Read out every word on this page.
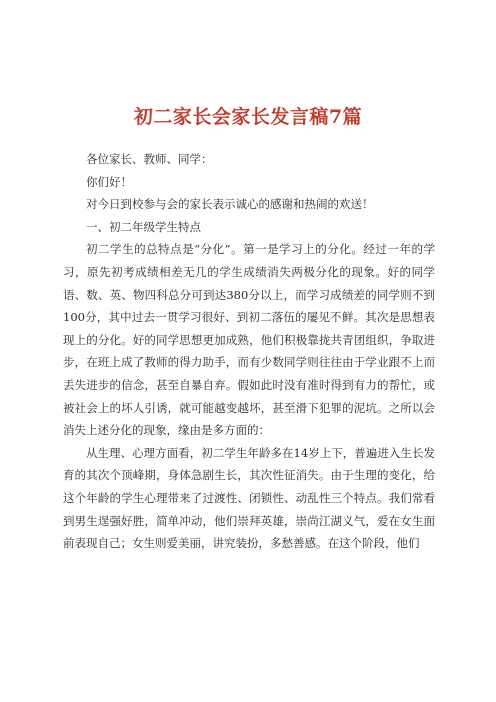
初二家长会家长发言稿7篇

各位家长、教师、同学：

你们好！

对今日到校参与会的家长表示诚心的感谢和热闹的欢送！

一、初二年级学生特点

初二学生的总特点是“分化”。第一是学习上的分化。经过一年的学习，原先初考成绩相差无几的学生成绩消失两极分化的现象。好的同学语、数、英、物四科总分可到达380分以上，而学习成绩差的同学则不到100分，其中过去一贯学习很好、到初二落伍的屡见不鲜。其次是思想表现上的分化。好的同学思想更加成熟，他们积极靠拢共青团组织，争取进步，在班上成了教师的得力助手，而有少数同学则往往由于学业跟不上而丢失进步的信念，甚至自暴自弃。假如此时没有准时得到有力的帮忙，或被社会上的坏人引诱，就可能越变越坏，甚至滑下犯罪的泥坑。之所以会消失上述分化的现象，缘由是多方面的：

从生理、心理方面看，初二学生年龄多在14岁上下，普遍进入生长发育的其次个顶峰期，身体急剧生长，其次性征消失。由于生理的变化，给这个年龄的学生心理带来了过渡性、闭锁性、动乱性三个特点。我们常看到男生逞强好胜，简单冲动，他们崇拜英雄，崇尚江湖义气，爱在女生面前表现自己；女生则爱美丽，讲究装扮，多愁善感。在这个阶段，他们
